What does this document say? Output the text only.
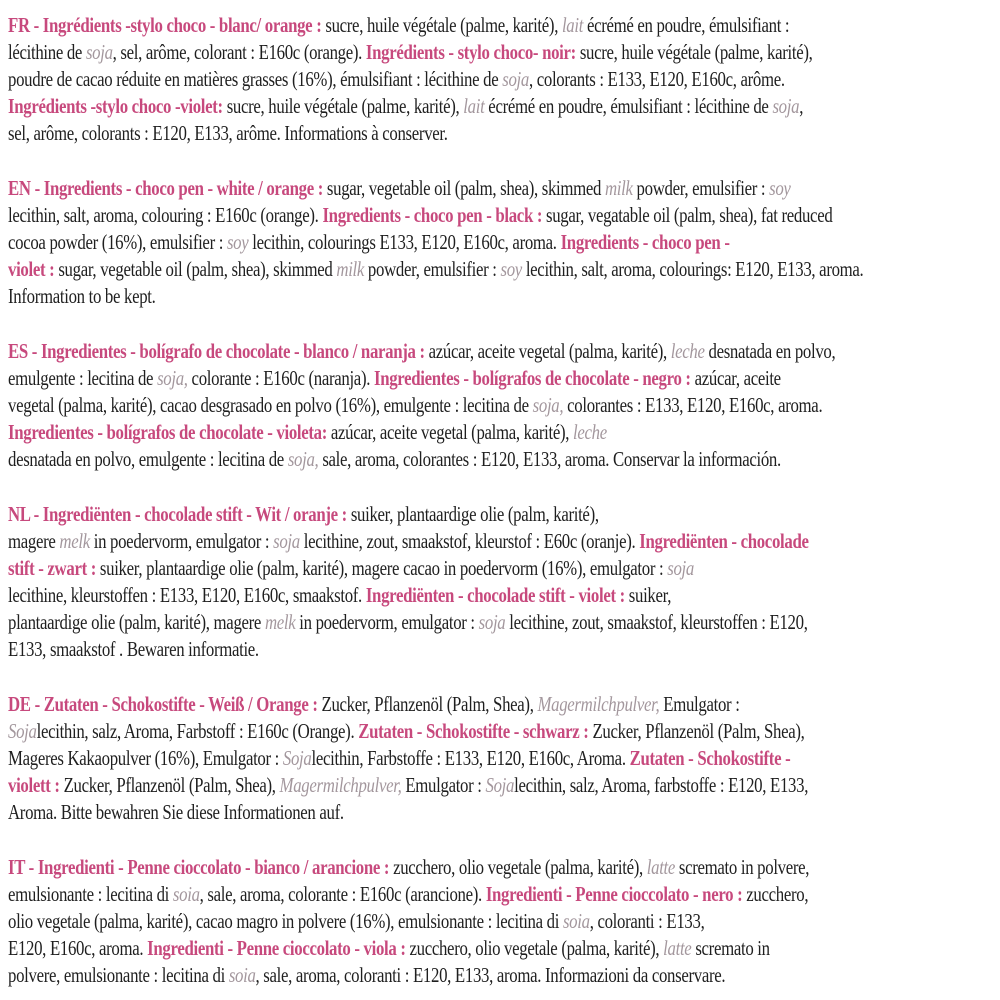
FR - Ingrédients -stylo choco - blanc/ orange : sucre, huile végétale (palme, karité), lait écrémé en poudre, émulsifiant :
lécithine de soja, sel, arôme, colorant : E160c (orange). Ingrédients - stylo choco- noir: sucre, huile végétale (palme, karité),
poudre de cacao réduite en matières grasses (16%), émulsifiant : lécithine de soja, colorants : E133, E120, E160c, arôme.
Ingrédients -stylo choco -violet: sucre, huile végétale (palme, karité), lait écrémé en poudre, émulsifiant : lécithine de soja,
sel, arôme, colorants : E120, E133, arôme. Informations à conserver.

EN - Ingredients - choco pen - white / orange : sugar, vegetable oil (palm, shea), skimmed milk powder, emulsifier : soy
lecithin, salt, aroma, colouring : E160c (orange). Ingredients - choco pen - black : sugar, vegatable oil (palm, shea), fat reduced
cocoa powder (16%), emulsifier : soy lecithin, colourings E133, E120, E160c, aroma. Ingredients - choco pen -
violet : sugar, vegetable oil (palm, shea), skimmed milk powder, emulsifier : soy lecithin, salt, aroma, colourings: E120, E133, aroma.
Information to be kept.

ES - Ingredientes - bolígrafo de chocolate - blanco / naranja : azúcar, aceite vegetal (palma, karité), leche desnatada en polvo,
emulgente : lecitina de soja, colorante : E160c (naranja). Ingredientes - bolígrafos de chocolate - negro : azúcar, aceite
vegetal (palma, karité), cacao desgrasado en polvo (16%), emulgente : lecitina de soja, colorantes : E133, E120, E160c, aroma.
Ingredientes - bolígrafos de chocolate - violeta: azúcar, aceite vegetal (palma, karité), leche
desnatada en polvo, emulgente : lecitina de soja, sale, aroma, colorantes : E120, E133, aroma. Conservar la información.

NL - Ingrediënten - chocolade stift - Wit / oranje : suiker, plantaardige olie (palm, karité),
magere melk in poedervorm, emulgator : soja lecithine, zout, smaakstof, kleurstof : E60c (oranje). Ingrediënten - chocolade
stift - zwart : suiker, plantaardige olie (palm, karité), magere cacao in poedervorm (16%), emulgator : soja
lecithine, kleurstoffen : E133, E120, E160c, smaakstof. Ingrediënten - chocolade stift - violet : suiker,
plantaardige olie (palm, karité), magere melk in poedervorm, emulgator : soja lecithine, zout, smaakstof, kleurstoffen : E120,
E133, smaakstof . Bewaren informatie.

DE - Zutaten - Schokostifte - Weiß / Orange : Zucker, Pflanzenöl (Palm, Shea), Magermilchpulver, Emulgator :
Sojalecithin, salz, Aroma, Farbstoff : E160c (Orange). Zutaten - Schokostifte - schwarz : Zucker, Pflanzenöl (Palm, Shea),
Mageres Kakaopulver (16%), Emulgator : Sojalecithin, Farbstoffe : E133, E120, E160c, Aroma. Zutaten - Schokostifte -
violett : Zucker, Pflanzenöl (Palm, Shea), Magermilchpulver, Emulgator : Sojalecithin, salz, Aroma, farbstoffe : E120, E133,
Aroma. Bitte bewahren Sie diese Informationen auf.

IT - Ingredienti - Penne cioccolato - bianco / arancione : zucchero, olio vegetale (palma, karité), latte scremato in polvere,
emulsionante : lecitina di soia, sale, aroma, colorante : E160c (arancione). Ingredienti - Penne cioccolato - nero : zucchero,
olio vegetale (palma, karité), cacao magro in polvere (16%), emulsionante : lecitina di soia, coloranti : E133,
E120, E160c, aroma. Ingredienti - Penne cioccolato - viola : zucchero, olio vegetale (palma, karité), latte scremato in
polvere, emulsionante : lecitina di soia, sale, aroma, coloranti : E120, E133, aroma. Informazioni da conservare.
